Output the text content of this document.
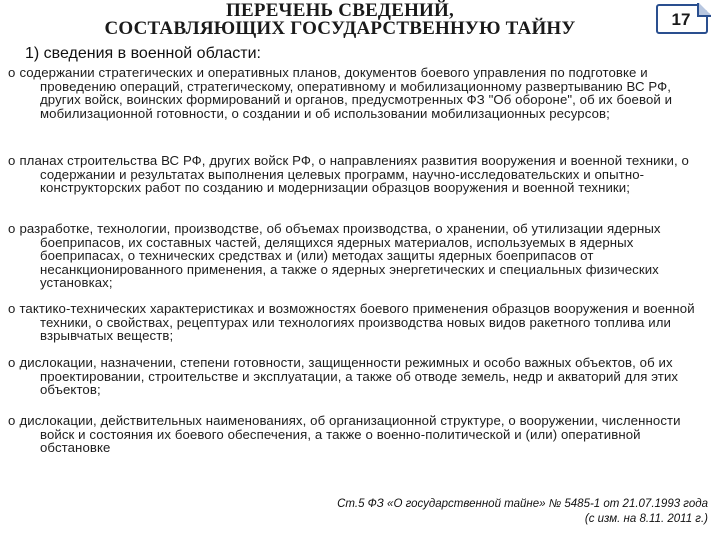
ПЕРЕЧЕНЬ СВЕДЕНИЙ,
СОСТАВЛЯЮЩИХ ГОСУДАРСТВЕННУЮ ТАЙНУ	17
1) сведения в военной области:
о содержании стратегических и оперативных планов, документов боевого управления по подготовке и проведению операций, стратегическому, оперативному и мобилизационному развертыванию ВС РФ, других войск, воинских формирований и органов, предусмотренных ФЗ "Об обороне", об их боевой и мобилизационной готовности, о создании и об использовании мобилизационных ресурсов;
о планах строительства ВС РФ, других войск РФ, о направлениях развития вооружения и военной техники, о содержании и результатах выполнения целевых программ, научно-исследовательских и опытно-конструкторских работ по созданию и модернизации образцов вооружения и военной техники;
о разработке, технологии, производстве, об объемах производства, о хранении, об утилизации ядерных боеприпасов, их составных частей, делящихся ядерных материалов, используемых в ядерных боеприпасах, о технических средствах и (или) методах защиты ядерных боеприпасов от несанкционированного применения, а также о ядерных энергетических и специальных физических установках;
о тактико-технических характеристиках и возможностях боевого применения образцов вооружения и военной техники, о свойствах, рецептурах или технологиях производства новых видов ракетного топлива или взрывчатых веществ;
о дислокации, назначении, степени готовности, защищенности режимных и особо важных объектов, об их проектировании, строительстве и эксплуатации, а также об отводе земель, недр и акваторий для этих объектов;
о дислокации, действительных наименованиях, об организационной структуре, о вооружении, численности войск и состояния их боевого обеспечения, а также о военно-политической и (или) оперативной обстановке
Ст.5 ФЗ «О государственной тайне» № 5485-1 от 21.07.1993 года
(с изм. на 8.11. 2011 г.)
